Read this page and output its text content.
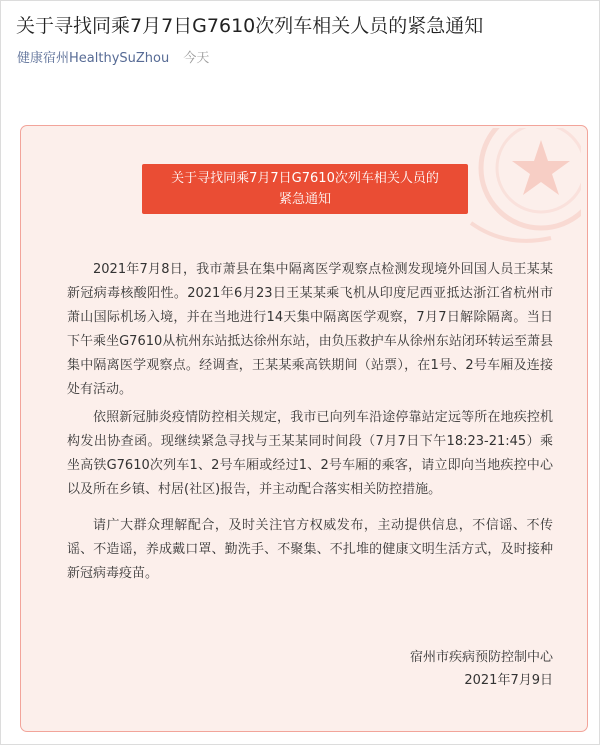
关于寻找同乘7月7日G7610次列车相关人员的紧急通知
健康宿州HealthySuZhou 今天
关于寻找同乘7月7日G7610次列车相关人员的
紧急通知

2021年7月8日，我市萧县在集中隔离医学观察点检测发现境外回国人员王某某新冠病毒核酸阳性。2021年6月23日王某某乘飞机从印度尼西亚抵达浙江省杭州市萧山国际机场入境，并在当地进行14天集中隔离医学观察，7月7日解除隔离。当日下午乘坐G7610从杭州东站抵达徐州东站，由负压救护车从徐州东站闭环转运至萧县集中隔离医学观察点。经调查，王某某乘高铁期间（站票），在1号、2号车厢及连接处有活动。

依照新冠肺炎疫情防控相关规定，我市已向列车沿途停靠站定远等所在地疾控机构发出协查函。现继续紧急寻找与王某某同时间段（7月7日下午18:23-21:45）乘坐高铁G7610次列车1、2号车厢或经过1、2号车厢的乘客，请立即向当地疾控中心以及所在乡镇、村居(社区)报告，并主动配合落实相关防控措施。

请广大群众理解配合，及时关注官方权威发布，主动提供信息，不信谣、不传谣、不造谣，养成戴口罩、勤洗手、不聚集、不扎堆的健康文明生活方式，及时接种新冠病毒疫苗。

宿州市疾病预防控制中心
2021年7月9日
